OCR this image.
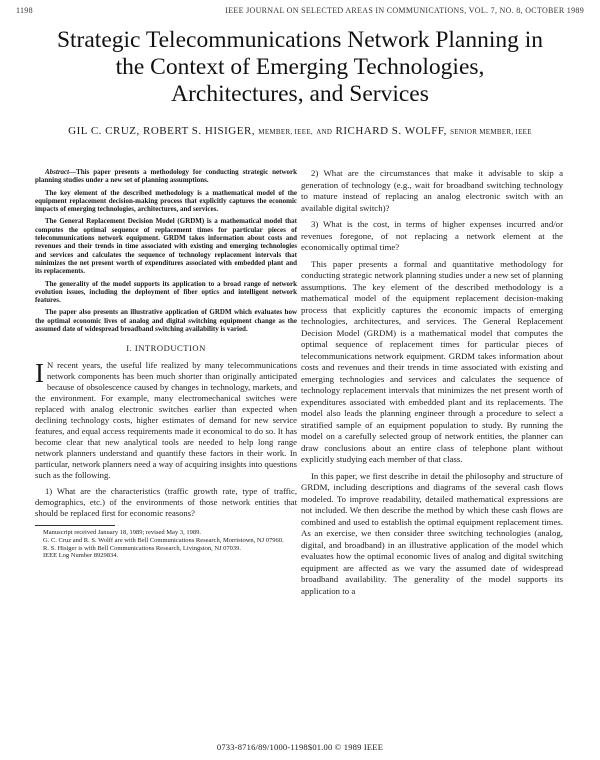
1198	IEEE JOURNAL ON SELECTED AREAS IN COMMUNICATIONS, VOL. 7, NO. 8, OCTOBER 1989
Strategic Telecommunications Network Planning in
the Context of Emerging Technologies,
Architectures, and Services
GIL C. CRUZ, ROBERT S. HISIGER, MEMBER, IEEE, AND RICHARD S. WOLFF, SENIOR MEMBER, IEEE

Abstract—This paper presents a methodology for conducting strategic network planning studies under a new set of planning assumptions.

The key element of the described methodology is a mathematical model of the equipment replacement decision-making process that explicitly captures the economic impacts of emerging technologies, architectures, and services.

The General Replacement Decision Model (GRDM) is a mathematical model that computes the optimal sequence of replacement times for particular pieces of telecommunications network equipment. GRDM takes information about costs and revenues and their trends in time associated with existing and emerging technologies and services and calculates the sequence of technology replacement intervals that minimizes the net present worth of expenditures associated with embedded plant and its replacements.

The generality of the model supports its application to a broad range of network evolution issues, including the deployment of fiber optics and intelligent network features.

The paper also presents an illustrative application of GRDM which evaluates how the optimal economic lives of analog and digital switching equipment change as the assumed date of widespread broadband switching availability is varied.

I. INTRODUCTION

I N recent years, the useful life realized by many telecommunications network components has been much shorter than originally anticipated because of obsolescence caused by changes in technology, markets, and the environment. For example, many electromechanical switches were replaced with analog electronic switches earlier than expected when declining technology costs, higher estimates of demand for new service features, and equal access requirements made it economical to do so. It has become clear that new analytical tools are needed to help long range network planners understand and quantify these factors in their work. In particular, network planners need a way of acquiring insights into questions such as the following.

1) What are the characteristics (traffic growth rate, type of traffic, demographics, etc.) of the environments of those network entities that should be replaced first for economic reasons?

Manuscript received January 18, 1989; revised May 3, 1989.

G. C. Cruz and R. S. Wolff are with Bell Communications Research, Morristown, NJ 07960.

R. S. Hisiger is with Bell Communications Research, Livingston, NJ 07039.

IEEE Log Number 8929834.

2) What are the circumstances that make it advisable to skip a generation of technology (e.g., wait for broadband switching technology to mature instead of replacing an analog electronic switch with an available digital switch)?

3) What is the cost, in terms of higher expenses incurred and/or revenues foregone, of not replacing a network element at the economically optimal time?

This paper presents a formal and quantitative methodology for conducting strategic network planning studies under a new set of planning assumptions. The key element of the described methodology is a mathematical model of the equipment replacement decision-making process that explicitly captures the economic impacts of emerging technologies, architectures, and services. The General Replacement Decision Model (GRDM) is a mathematical model that computes the optimal sequence of replacement times for particular pieces of telecommunications network equipment. GRDM takes information about costs and revenues and their trends in time associated with existing and emerging technologies and services and calculates the sequence of technology replacement intervals that minimizes the net present worth of expenditures associated with embedded plant and its replacements. The model also leads the planning engineer through a procedure to select a stratified sample of an equipment population to study. By running the model on a carefully selected group of network entities, the planner can draw conclusions about an entire class of telephone plant without explicitly studying each member of that class.

In this paper, we first describe in detail the philosophy and structure of GRDM, including descriptions and diagrams of the several cash flows modeled. To improve readability, detailed mathematical expressions are not included. We then describe the method by which these cash flows are combined and used to establish the optimal equipment replacement times. As an exercise, we then consider three switching technologies (analog, digital, and broadband) in an illustrative application of the model which evaluates how the optimal economic lives of analog and digital switching equipment are affected as we vary the assumed date of widespread broadband availability. The generality of the model supports its application to a

0733-8716/89/1000-1198$01.00 © 1989 IEEE
